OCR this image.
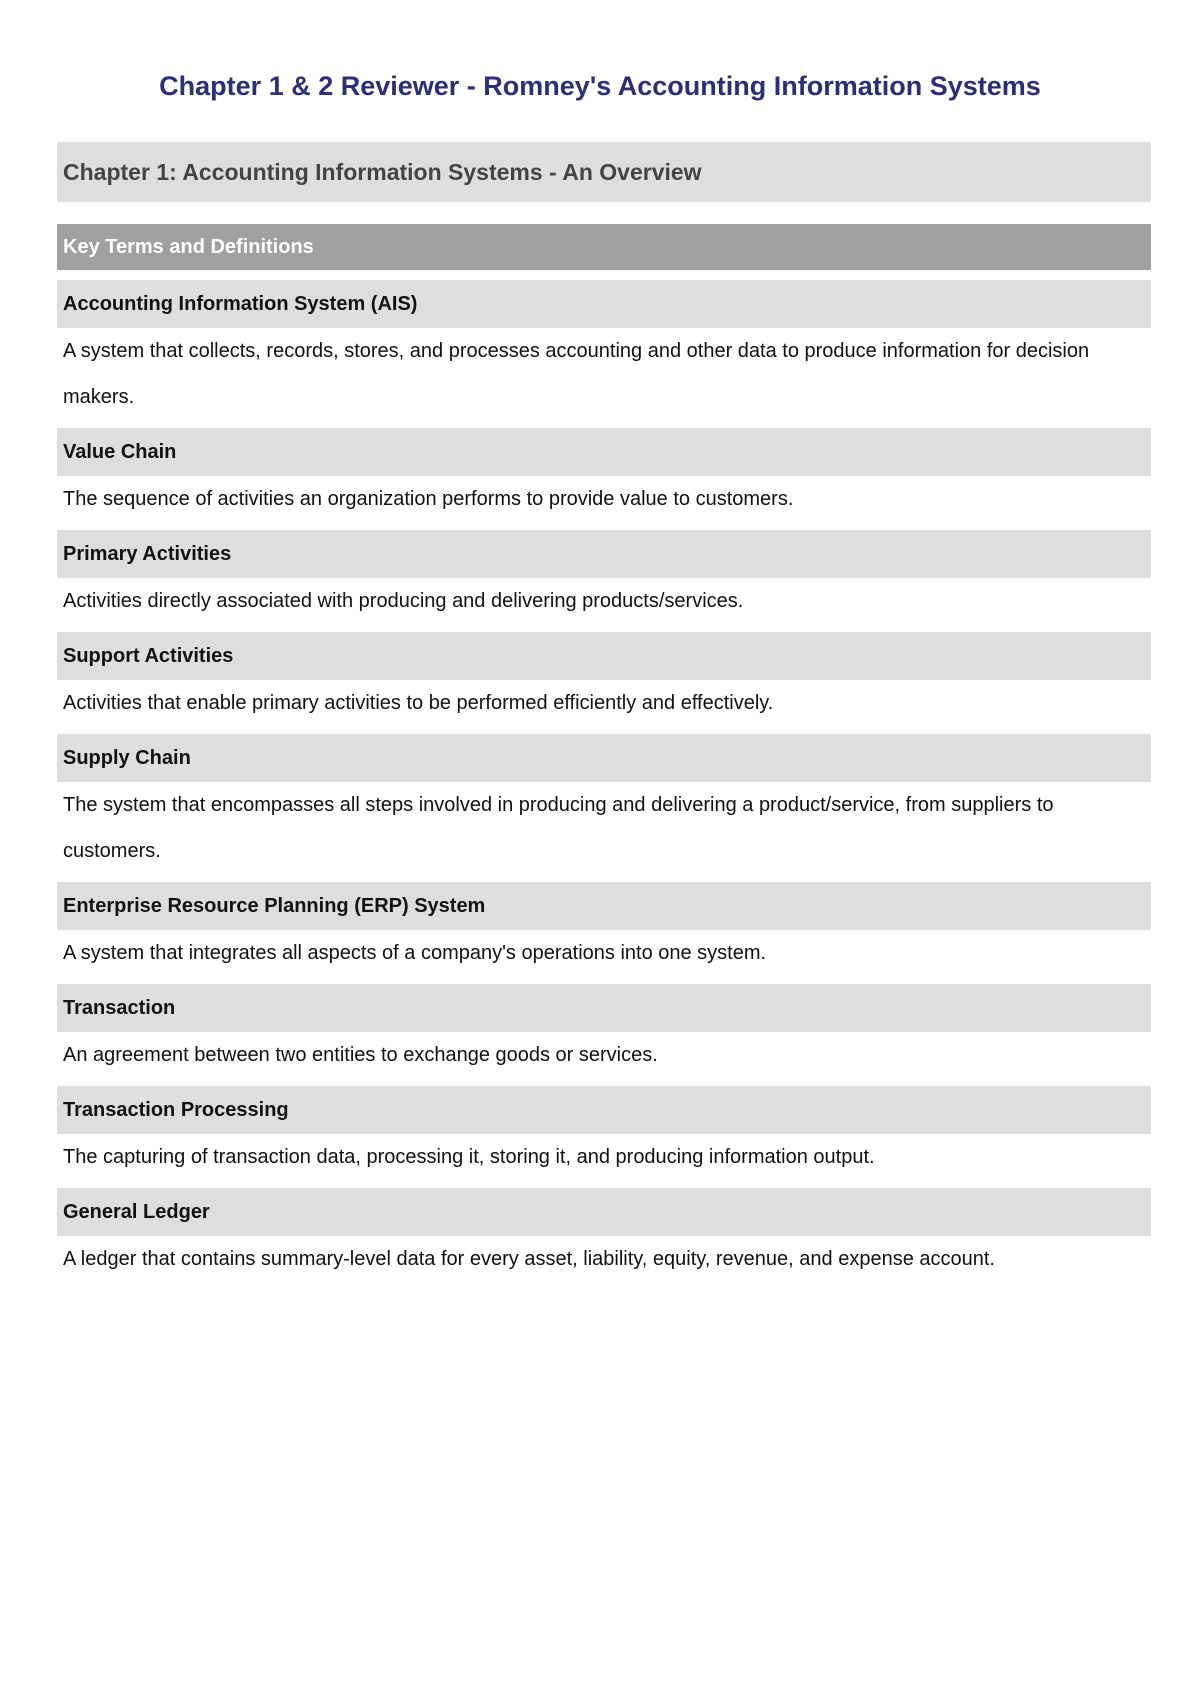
Chapter 1 & 2 Reviewer - Romney's Accounting Information Systems
Chapter 1: Accounting Information Systems - An Overview
Key Terms and Definitions
Accounting Information System (AIS)
A system that collects, records, stores, and processes accounting and other data to produce information for decision makers.
Value Chain
The sequence of activities an organization performs to provide value to customers.
Primary Activities
Activities directly associated with producing and delivering products/services.
Support Activities
Activities that enable primary activities to be performed efficiently and effectively.
Supply Chain
The system that encompasses all steps involved in producing and delivering a product/service, from suppliers to customers.
Enterprise Resource Planning (ERP) System
A system that integrates all aspects of a company's operations into one system.
Transaction
An agreement between two entities to exchange goods or services.
Transaction Processing
The capturing of transaction data, processing it, storing it, and producing information output.
General Ledger
A ledger that contains summary-level data for every asset, liability, equity, revenue, and expense account.
